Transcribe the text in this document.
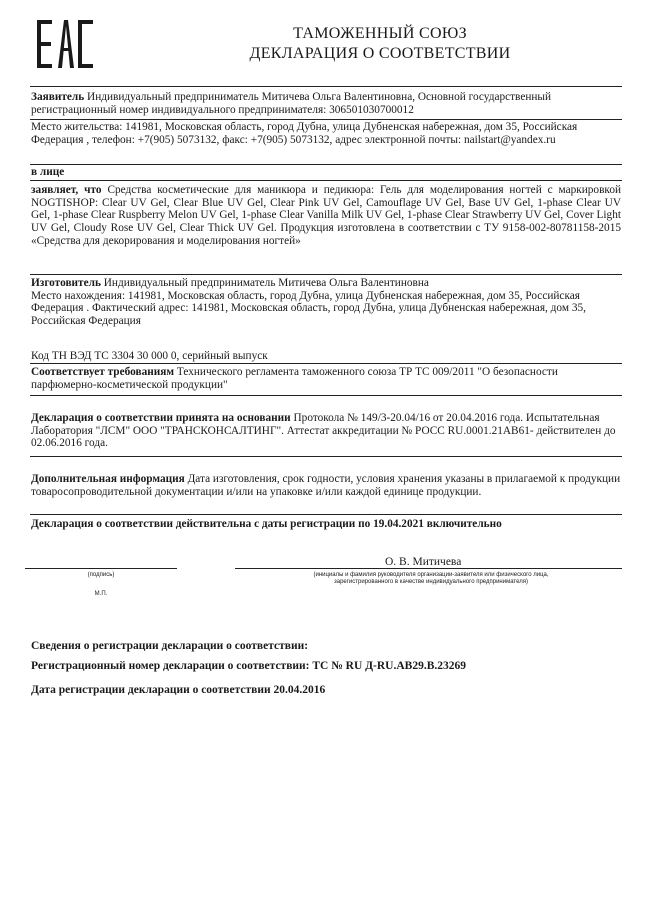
ТАМОЖЕННЫЙ СОЮЗ
ДЕКЛАРАЦИЯ О СООТВЕТСТВИИ
Заявитель Индивидуальный предприниматель Митичева Ольга Валентиновна, Основной государственный регистрационный номер индивидуального предпринимателя: 306501030700012
Место жительства: 141981, Московская область, город Дубна, улица Дубненская набережная, дом 35, Российская Федерация , телефон: +7(905) 5073132, факс: +7(905) 5073132, адрес электронной почты: nailstart@yandex.ru
в лице
заявляет, что Средства косметические для маникюра и педикюра: Гель для моделирования ногтей с маркировкой NOGTISHOP: Clear UV Gel, Clear Blue UV Gel, Clear Pink UV Gel, Camouflage UV Gel, Base UV Gel, 1-phase Clear UV Gel, 1-phase Clear Ruspberry Melon UV Gel, 1-phase Clear Vanilla Milk UV Gel, 1-phase Clear Strawberry UV Gel, Cover Light UV Gel, Cloudy Rose UV Gel, Clear Thick UV Gel. Продукция изготовлена в соответствии с ТУ 9158-002-80781158-2015 «Средства для декорирования и моделирования ногтей»
Изготовитель Индивидуальный предприниматель Митичева Ольга Валентиновна
Место нахождения: 141981, Московская область, город Дубна, улица Дубненская набережная, дом 35, Российская Федерация . Фактический адрес: 141981, Московская область, город Дубна, улица Дубненская набережная, дом 35, Российская Федерация
Код ТН ВЭД ТС 3304 30 000 0, серийный выпуск
Соответствует требованиям Технического регламента таможенного союза ТР ТС 009/2011 "О безопасности парфюмерно-косметической продукции"
Декларация о соответствии принята на основании Протокола № 149/3-20.04/16 от 20.04.2016 года. Испытательная Лаборатория "ЛСМ" ООО "ТРАНСКОНСАЛТИНГ". Аттестат аккредитации № РОСС RU.0001.21АВ61- действителен до 02.06.2016 года.
Дополнительная информация Дата изготовления, срок годности, условия хранения указаны в прилагаемой к продукции товаросопроводительной документации и/или на упаковке и/или каждой единице продукции.
Декларация о соответствии действительна с даты регистрации по 19.04.2021 включительно
О. В. Митичева
(подпись)
М.П.
(инициалы и фамилия руководителя организации-заявителя или физического лица,
зарегистрированного в качестве индивидуального предпринимателя)
Сведения о регистрации декларации о соответствии:
Регистрационный номер декларации о соответствии: ТС № RU Д-RU.АВ29.В.23269
Дата регистрации декларации о соответствии 20.04.2016
